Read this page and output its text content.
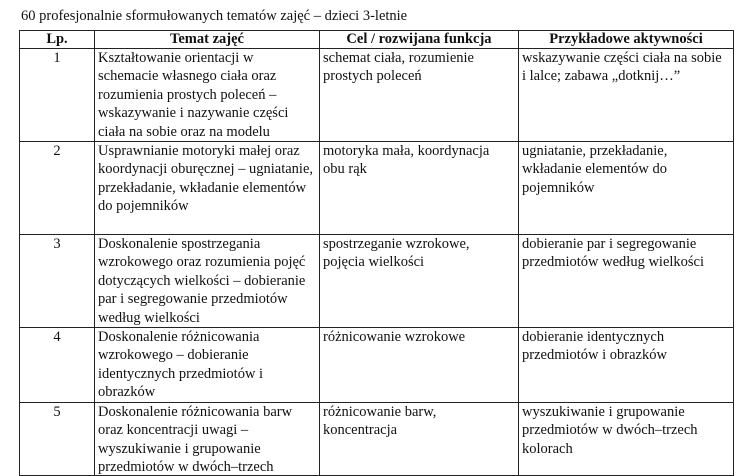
60 profesjonalnie sformułowanych tematów zajęć – dzieci 3-letnie
Lp.	Temat zajęć	Cel / rozwijana funkcja	Przykładowe aktywności

1	Kształtowanie orientacji w schemacie własnego ciała oraz rozumienia prostych poleceń – wskazywanie i nazywanie części ciała na sobie oraz na modelu	schemat ciała, rozumienie prostych poleceń	wskazywanie części ciała na sobie i lalce; zabawa „dotknij…”

2	Usprawnianie motoryki małej oraz koordynacji oburęcznej – ugniatanie, przekładanie, wkładanie elementów do pojemników	motoryka mała, koordynacja obu rąk	ugniatanie, przekładanie, wkładanie elementów do pojemników

3	Doskonalenie spostrzegania wzrokowego oraz rozumienia pojęć dotyczących wielkości – dobieranie par i segregowanie przedmiotów według wielkości	spostrzeganie wzrokowe, pojęcia wielkości	dobieranie par i segregowanie przedmiotów według wielkości

4	Doskonalenie różnicowania wzrokowego – dobieranie identycznych przedmiotów i obrazków	różnicowanie wzrokowe	dobieranie identycznych przedmiotów i obrazków

5	Doskonalenie różnicowania barw oraz koncentracji uwagi – wyszukiwanie i grupowanie przedmiotów w dwóch–trzech	różnicowanie barw, koncentracja	wyszukiwanie i grupowanie przedmiotów w dwóch–trzech kolorach
